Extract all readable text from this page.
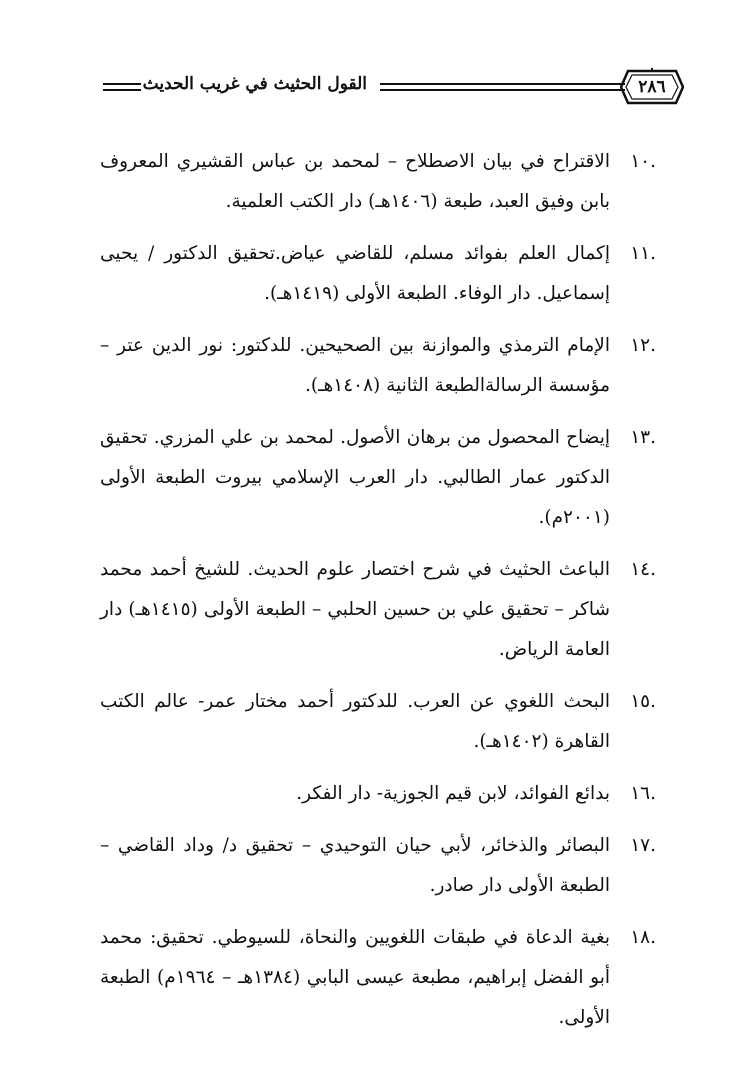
القول الحثيث في غريب الحديث	٢٨٦
.١٠
الاقتراح في بيان الاصطلاح – لمحمد بن عباس القشيري المعروف بابن وفيق العبد، طبعة (١٤٠٦هـ) دار الكتب العلمية.
.١١
إكمال العلم بفوائد مسلم، للقاضي عياض.تحقيق الدكتور / يحيى إسماعيل. دار الوفاء. الطبعة الأولى (١٤١٩هـ).
.١٢
الإمام الترمذي والموازنة بين الصحيحين. للدكتور: نور الدين عتر – مؤسسة الرسالةالطبعة الثانية (١٤٠٨هـ).
.١٣
إيضاح المحصول من برهان الأصول. لمحمد بن علي المزري. تحقيق الدكتور عمار الطالبي. دار العرب الإسلامي بيروت الطبعة الأولى (٢٠٠١م).
.١٤
الباعث الحثيث في شرح اختصار علوم الحديث. للشيخ أحمد محمد شاكر – تحقيق علي بن حسين الحلبي – الطبعة الأولى (١٤١٥هـ) دار العامة الرياض.
.١٥
البحث اللغوي عن العرب. للدكتور أحمد مختار عمر- عالم الكتب القاهرة (١٤٠٢هـ).
.١٦
بدائع الفوائد، لابن قيم الجوزية- دار الفكر.
.١٧
البصائر والذخائر، لأبي حيان التوحيدي – تحقيق د/ وداد القاضي – الطبعة الأولى دار صادر.
.١٨
بغية الدعاة في طبقات اللغويين والنحاة، للسيوطي. تحقيق: محمد أبو الفضل إبراهيم، مطبعة عيسى البابي (١٣٨٤هـ – ١٩٦٤م) الطبعة الأولى.
